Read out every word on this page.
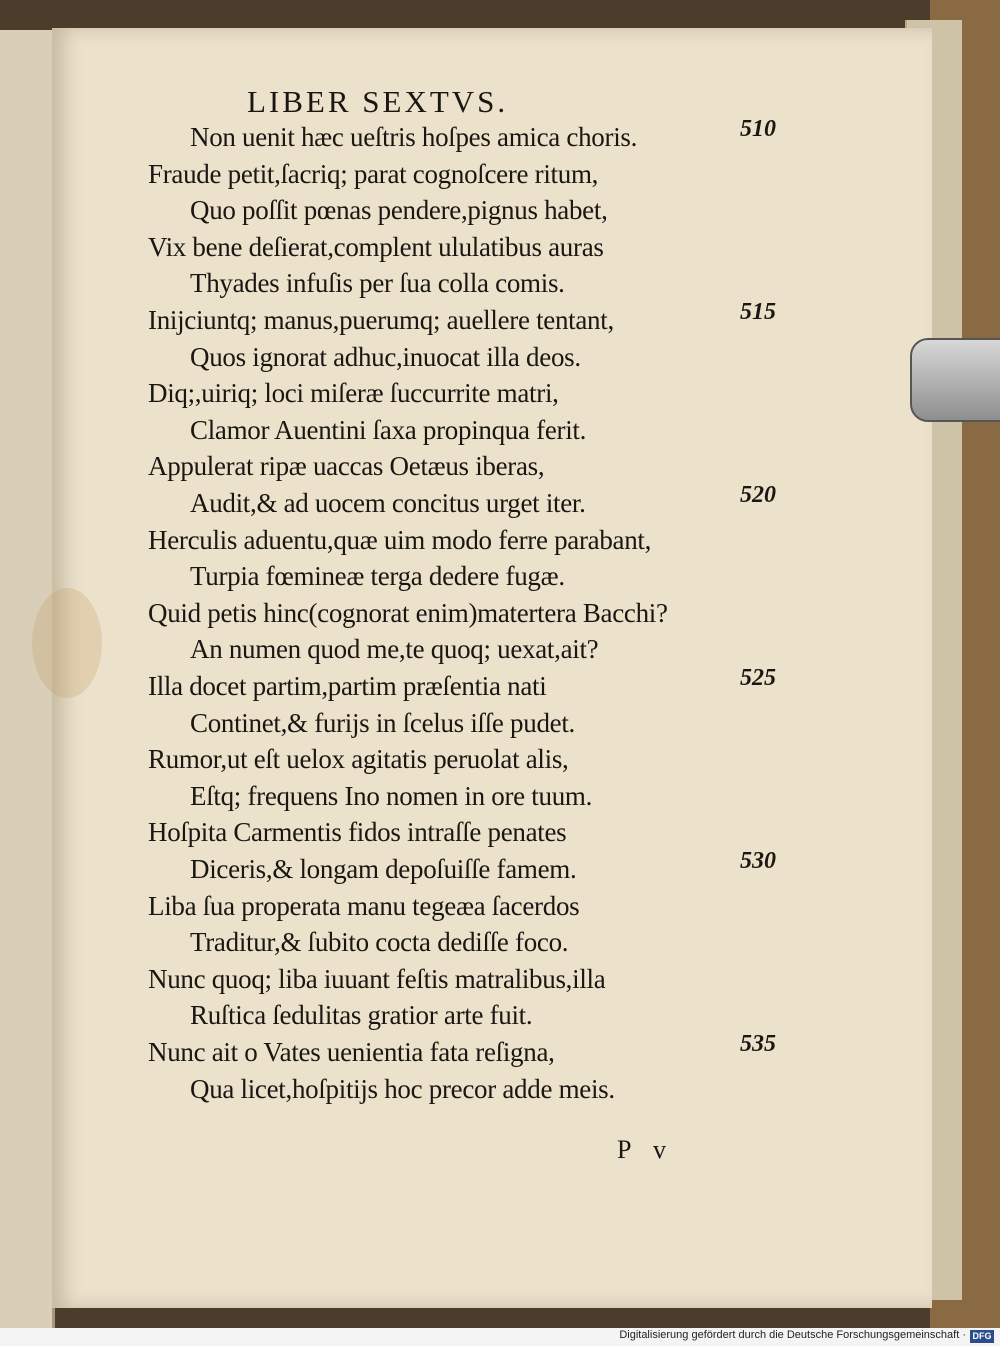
LIBER SEXTVS.
Non uenit hæc ueſtris hoſpes amica choris.	510
Fraude petit,ſacriq; parat cognoſcere ritum,
Quo poſſit pœnas pendere,pignus habet,
Vix bene deſierat,complent ululatibus auras
Thyades infuſis per ſua colla comis.
Inijciuntq; manus,puerumq; auellere tentant,	515
Quos ignorat adhuc,inuocat illa deos.
Diq;,uiriq; loci miſeræ ſuccurrite matri,
Clamor Auentini ſaxa propinqua ferit.
Appulerat ripæ uaccas Oetæus iberas,
Audit,& ad uocem concitus urget iter.	520
Herculis aduentu,quæ uim modo ferre parabant,
Turpia fœmineæ terga dedere fugæ.
Quid petis hinc(cognorat enim)matertera Bacchi?
An numen quod me,te quoq; uexat,ait?
Illa docet partim,partim præſentia nati	525
Continet,& furijs in ſcelus iſſe pudet.
Rumor,ut eſt uelox agitatis peruolat alis,
Eſtq; frequens Ino nomen in ore tuum.
Hoſpita Carmentis fidos intraſſe penates
Diceris,& longam depoſuiſſe famem.	530
Liba ſua properata manu tegeæa ſacerdos
Traditur,& ſubito cocta dediſſe foco.
Nunc quoq; liba iuuant feſtis matralibus,illa
Ruſtica ſedulitas gratior arte fuit.
Nunc ait o Vates uenientia fata reſigna,	535
Qua licet,hoſpitijs hoc precor adde meis.
P v
Digitalisierung gefördert durch die Deutsche Forschungsgemeinschaft · DFG
